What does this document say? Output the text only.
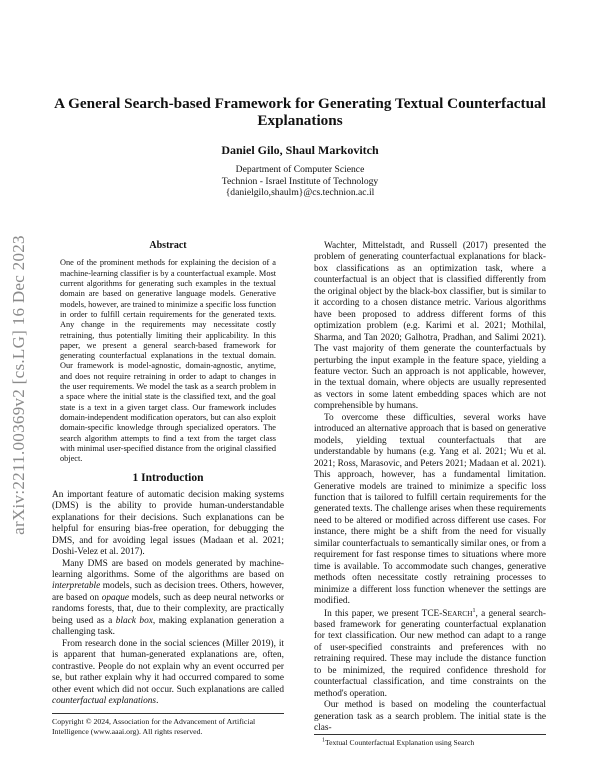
arXiv:2211.00369v2 [cs.LG] 16 Dec 2023
A General Search-based Framework for Generating Textual Counterfactual Explanations
Daniel Gilo, Shaul Markovitch
Department of Computer Science
Technion - Israel Institute of Technology
{danielgilo,shaulm}@cs.technion.ac.il
Abstract

One of the prominent methods for explaining the decision of a machine-learning classifier is by a counterfactual example. Most current algorithms for generating such examples in the textual domain are based on generative language models. Generative models, however, are trained to minimize a specific loss function in order to fulfill certain requirements for the generated texts. Any change in the requirements may necessitate costly retraining, thus potentially limiting their applicability. In this paper, we present a general search-based framework for generating counterfactual explanations in the textual domain. Our framework is model-agnostic, domain-agnostic, anytime, and does not require retraining in order to adapt to changes in the user requirements. We model the task as a search problem in a space where the initial state is the classified text, and the goal state is a text in a given target class. Our framework includes domain-independent modification operators, but can also exploit domain-specific knowledge through specialized operators. The search algorithm attempts to find a text from the target class with minimal user-specified distance from the original classified object.

1 Introduction

An important feature of automatic decision making systems (DMS) is the ability to provide human-understandable explanations for their decisions. Such explanations can be helpful for ensuring bias-free operation, for debugging the DMS, and for avoiding legal issues (Madaan et al. 2021; Doshi-Velez et al. 2017).

Many DMS are based on models generated by machine-learning algorithms. Some of the algorithms are based on interpretable models, such as decision trees. Others, however, are based on opaque models, such as deep neural networks or randoms forests, that, due to their complexity, are practically being used as a black box, making explanation generation a challenging task.

From research done in the social sciences (Miller 2019), it is apparent that human-generated explanations are, often, contrastive. People do not explain why an event occurred per se, but rather explain why it had occurred compared to some other event which did not occur. Such explanations are called counterfactual explanations.

Copyright © 2024, Association for the Advancement of Artificial Intelligence (www.aaai.org). All rights reserved.

Wachter, Mittelstadt, and Russell (2017) presented the problem of generating counterfactual explanations for black-box classifications as an optimization task, where a counterfactual is an object that is classified differently from the original object by the black-box classifier, but is similar to it according to a chosen distance metric. Various algorithms have been proposed to address different forms of this optimization problem (e.g. Karimi et al. 2021; Mothilal, Sharma, and Tan 2020; Galhotra, Pradhan, and Salimi 2021). The vast majority of them generate the counterfactuals by perturbing the input example in the feature space, yielding a feature vector. Such an approach is not applicable, however, in the textual domain, where objects are usually represented as vectors in some latent embedding spaces which are not comprehensible by humans.

To overcome these difficulties, several works have introduced an alternative approach that is based on generative models, yielding textual counterfactuals that are understandable by humans (e.g. Yang et al. 2021; Wu et al. 2021; Ross, Marasovic, and Peters 2021; Madaan et al. 2021). This approach, however, has a fundamental limitation. Generative models are trained to minimize a specific loss function that is tailored to fulfill certain requirements for the generated texts. The challenge arises when these requirements need to be altered or modified across different use cases. For instance, there might be a shift from the need for visually similar counterfactuals to semantically similar ones, or from a requirement for fast response times to situations where more time is available. To accommodate such changes, generative methods often necessitate costly retraining processes to minimize a different loss function whenever the settings are modified.

In this paper, we present TCE-SEARCH$^1$, a general search-based framework for generating counterfactual explanation for text classification. Our new method can adapt to a range of user-specified constraints and preferences with no retraining required. These may include the distance function to be minimized, the required confidence threshold for counterfactual classification, and time constraints on the method's operation.

Our method is based on modeling the counterfactual generation task as a search problem. The initial state is the clas-

$^1$Textual Counterfactual Explanation using Search
